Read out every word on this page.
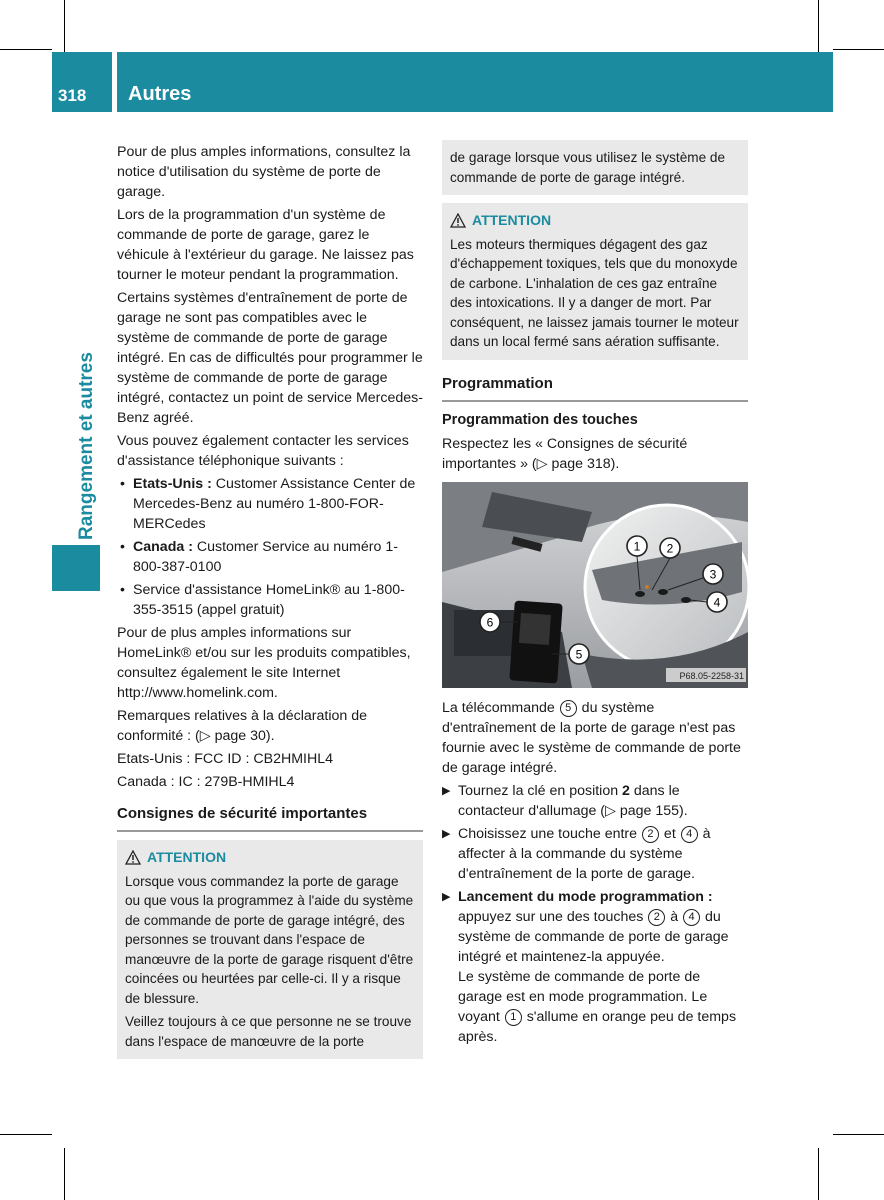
318 Autres
Rangement et autres

Pour de plus amples informations, consultez la notice d'utilisation du système de porte de garage.

Lors de la programmation d'un système de commande de porte de garage, garez le véhicule à l'extérieur du garage. Ne laissez pas tourner le moteur pendant la programmation.

Certains systèmes d'entraînement de porte de garage ne sont pas compatibles avec le système de commande de porte de garage intégré. En cas de difficultés pour programmer le système de commande de porte de garage intégré, contactez un point de service Mercedes-Benz agréé.

Vous pouvez également contacter les services d'assistance téléphonique suivants :

• Etats-Unis : Customer Assistance Center de Mercedes-Benz au numéro 1-800-FOR-MERCedes
• Canada : Customer Service au numéro 1-800-387-0100
• Service d'assistance HomeLink® au 1-800-355-3515 (appel gratuit)

Pour de plus amples informations sur HomeLink® et/ou sur les produits compatibles, consultez également le site Internet http://www.homelink.com.

Remarques relatives à la déclaration de conformité : (▷ page 30).

Etats-Unis : FCC ID : CB2HMIHL4

Canada : IC : 279B-HMIHL4

Consignes de sécurité importantes
ATTENTION

Lorsque vous commandez la porte de garage ou que vous la programmez à l'aide du système de commande de porte de garage intégré, des personnes se trouvant dans l'espace de manœuvre de la porte de garage risquent d'être coincées ou heurtées par celle-ci. Il y a risque de blessure.

Veillez toujours à ce que personne ne se trouve dans l'espace de manœuvre de la porte

de garage lorsque vous utilisez le système de commande de porte de garage intégré.

ATTENTION

Les moteurs thermiques dégagent des gaz d'échappement toxiques, tels que du monoxyde de carbone. L'inhalation de ces gaz entraîne des intoxications. Il y a danger de mort. Par conséquent, ne laissez jamais tourner le moteur dans un local fermé sans aération suffisante.

Programmation
Programmation des touches

Respectez les « Consignes de sécurité importantes » (▷ page 318).

1 2
3
4
5
6
P68.05-2258-31

La télécommande 5 du système d'entraînement de la porte de garage n'est pas fournie avec le système de commande de porte de garage intégré.

▶ Tournez la clé en position 2 dans le contacteur d'allumage (▷ page 155).
▶ Choisissez une touche entre 2 et 4 à affecter à la commande du système d'entraînement de la porte de garage.
▶ Lancement du mode programmation : appuyez sur une des touches 2 à 4 du système de commande de porte de garage intégré et maintenez-la appuyée.
Le système de commande de porte de garage est en mode programmation. Le voyant 1 s'allume en orange peu de temps après.
